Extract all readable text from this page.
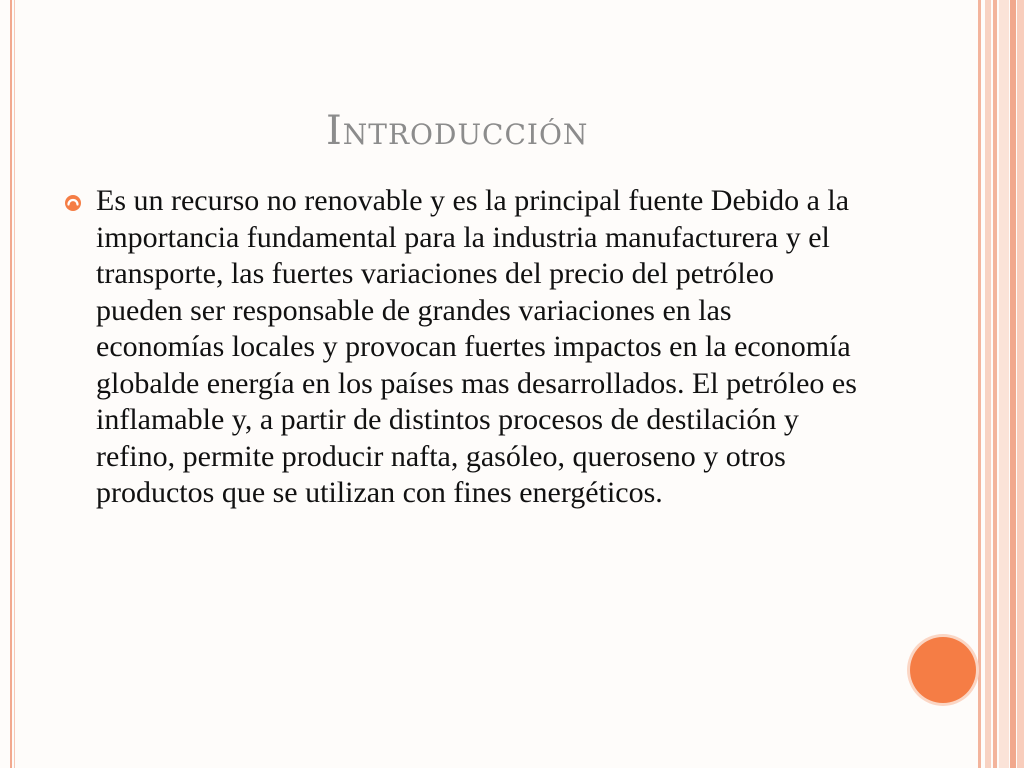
Introducción

Es un recurso no renovable y es la principal fuente Debido a la importancia fundamental para la industria manufacturera y el transporte, las fuertes variaciones del precio del petróleo pueden ser responsable de grandes variaciones en las economías locales y provocan fuertes impactos en la economía globalde energía en los países mas desarrollados. El petróleo es inflamable y, a partir de distintos procesos de destilación y refino, permite producir nafta, gasóleo, queroseno y otros productos que se utilizan con fines energéticos.
